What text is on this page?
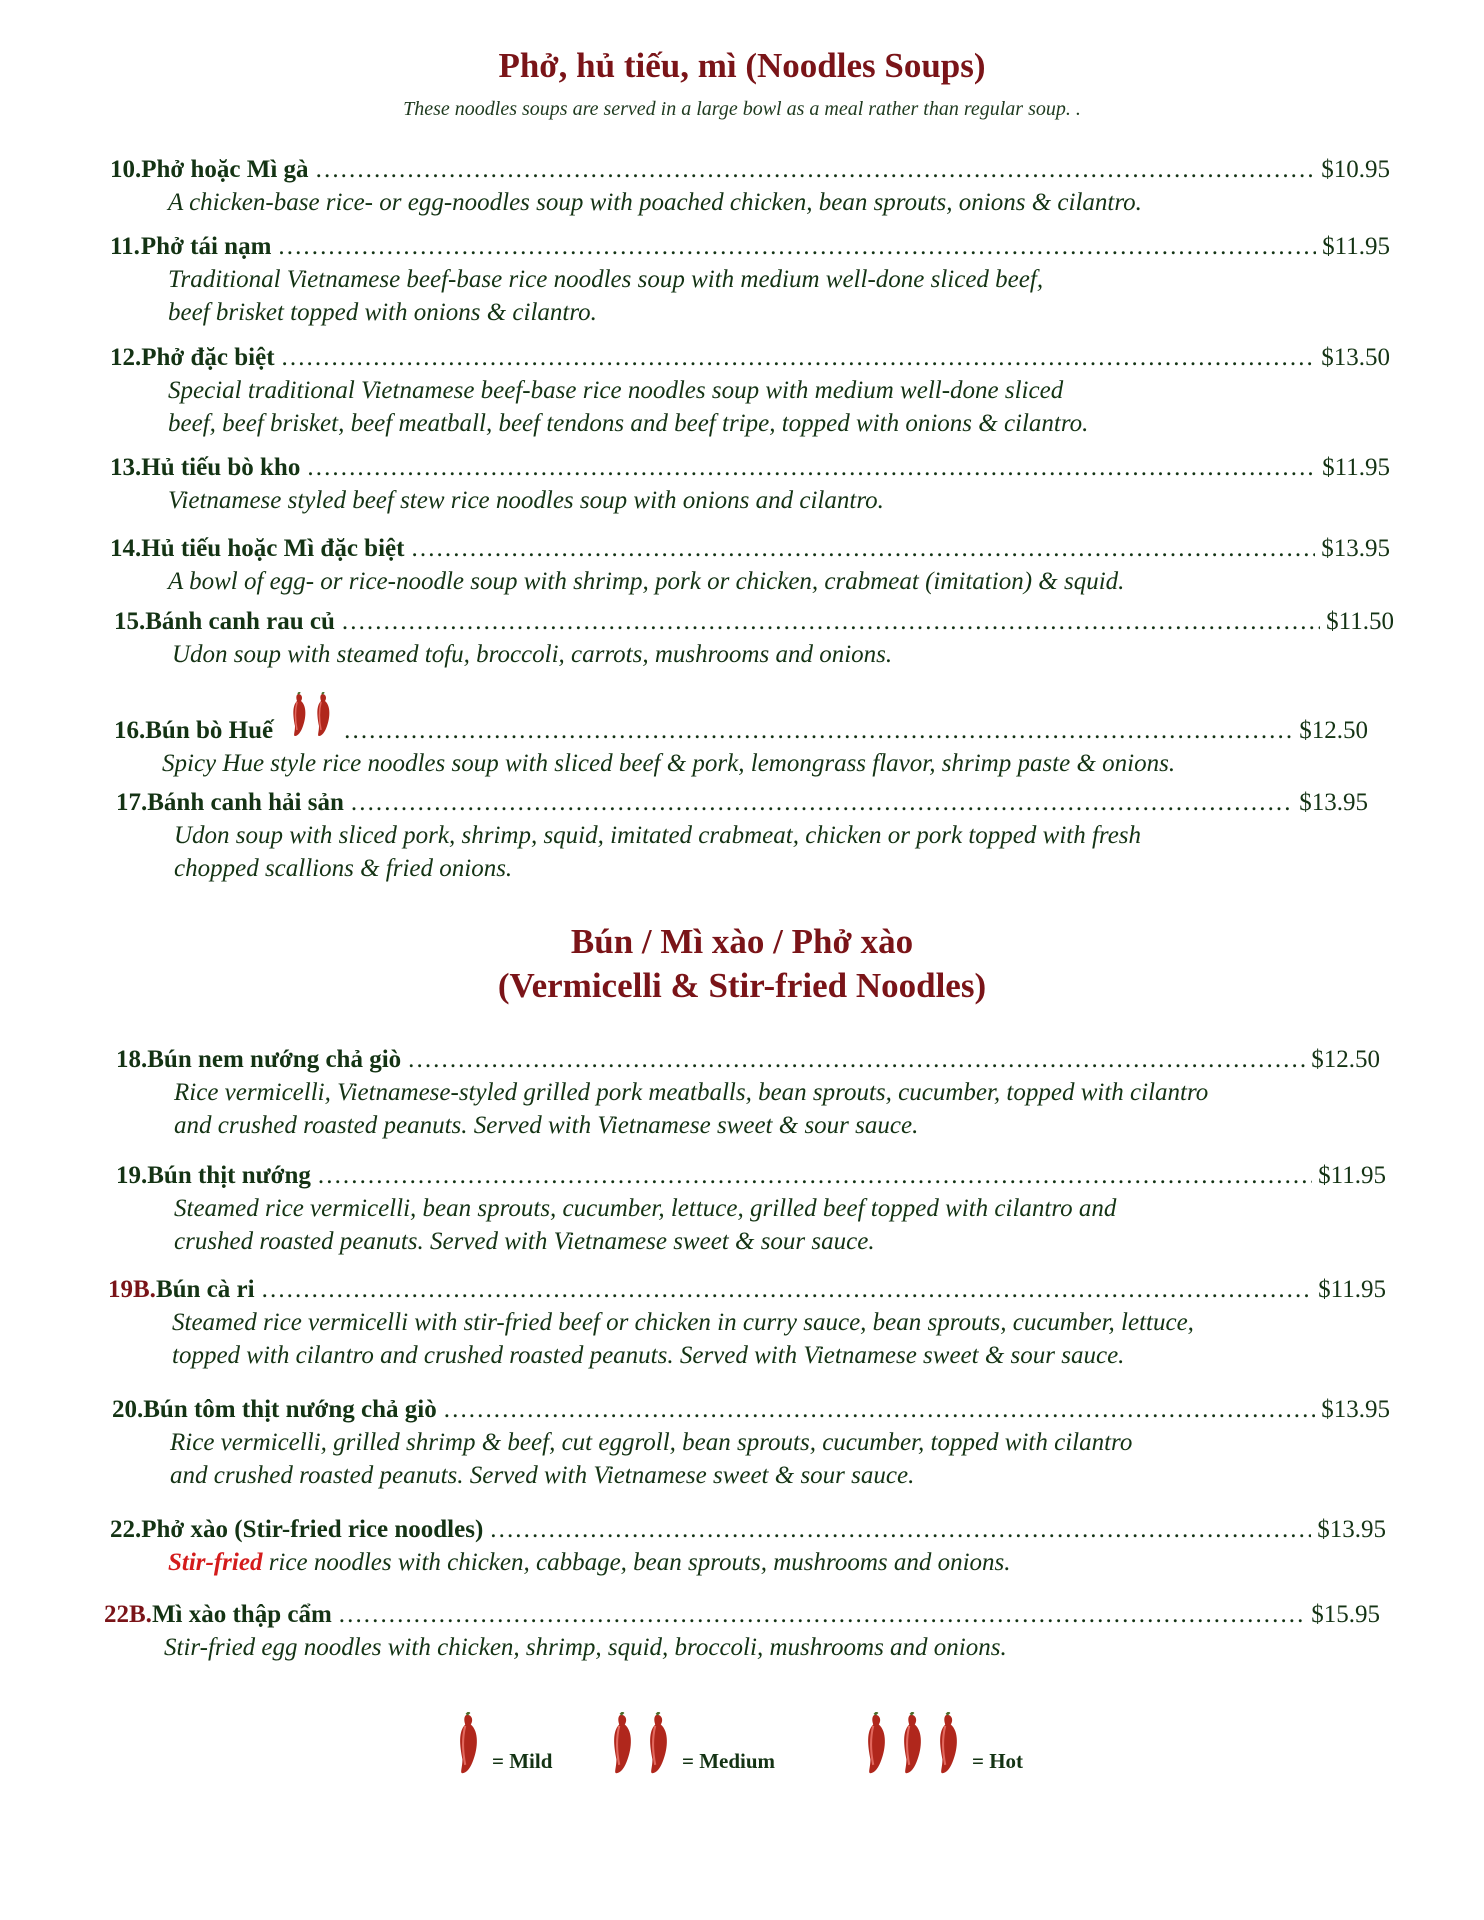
Phở, hủ tiếu, mì (Noodles Soups)

These noodles soups are served in a large bowl as a meal rather than regular soup. .

10. Phở hoặc Mì gà ………………………………………………………………………………………………………………………………………………………………………………………………………………	$10.95
A chicken-base rice- or egg-noodles soup with poached chicken, bean sprouts, onions & cilantro.
11. Phở tái nạm ………………………………………………………………………………………………………………………………………………………………………………………………………………	$11.95
Traditional Vietnamese beef-base rice noodles soup with medium well-done sliced beef,
beef brisket topped with onions & cilantro.
12. Phở đặc biệt ………………………………………………………………………………………………………………………………………………………………………………………………………………	$13.50
Special traditional Vietnamese beef-base rice noodles soup with medium well-done sliced
beef, beef brisket, beef meatball, beef tendons and beef tripe, topped with onions & cilantro.
13. Hủ tiếu bò kho ………………………………………………………………………………………………………………………………………………………………………………………………………………	$11.95
Vietnamese styled beef stew rice noodles soup with onions and cilantro.
14. Hủ tiếu hoặc Mì đặc biệt ………………………………………………………………………………………………………………………………………………………………………………………………………………	$13.95
A bowl of egg- or rice-noodle soup with shrimp, pork or chicken, crabmeat (imitation) & squid.
15. Bánh canh rau củ ………………………………………………………………………………………………………………………………………………………………………………………………………………	$11.50
Udon soup with steamed tofu, broccoli, carrots, mushrooms and onions.
16. Bún bò Huế ………………………………………………………………………………………………………………………………………………………………………………………………………………	$12.50
Spicy Hue style rice noodles soup with sliced beef & pork, lemongrass flavor, shrimp paste & onions.
17. Bánh canh hải sản ………………………………………………………………………………………………………………………………………………………………………………………………………………	$13.95
Udon soup with sliced pork, shrimp, squid, imitated crabmeat, chicken or pork topped with fresh
chopped scallions & fried onions.
Bún / Mì xào / Phở xào
(Vermicelli & Stir-fried Noodles)
18. Bún nem nướng chả giò ………………………………………………………………………………………………………………………………………………………………………………………………………………	$12.50
Rice vermicelli, Vietnamese-styled grilled pork meatballs, bean sprouts, cucumber, topped with cilantro
and crushed roasted peanuts. Served with Vietnamese sweet & sour sauce.
19. Bún thịt nướng ………………………………………………………………………………………………………………………………………………………………………………………………………………	$11.95
Steamed rice vermicelli, bean sprouts, cucumber, lettuce, grilled beef topped with cilantro and
crushed roasted peanuts. Served with Vietnamese sweet & sour sauce.
19B. Bún cà ri ………………………………………………………………………………………………………………………………………………………………………………………………………………	$11.95
Steamed rice vermicelli with stir-fried beef or chicken in curry sauce, bean sprouts, cucumber, lettuce,
topped with cilantro and crushed roasted peanuts. Served with Vietnamese sweet & sour sauce.
20. Bún tôm thịt nướng chả giò ………………………………………………………………………………………………………………………………………………………………………………………………………………	$13.95
Rice vermicelli, grilled shrimp & beef, cut eggroll, bean sprouts, cucumber, topped with cilantro
and crushed roasted peanuts. Served with Vietnamese sweet & sour sauce.
22. Phở xào (Stir-fried rice noodles) ………………………………………………………………………………………………………………………………………………………………………………………………………………	$13.95
Stir-fried rice noodles with chicken, cabbage, bean sprouts, mushrooms and onions.
22B. Mì xào thập cẩm ………………………………………………………………………………………………………………………………………………………………………………………………………………	$15.95
Stir-fried egg noodles with chicken, shrimp, squid, broccoli, mushrooms and onions.
= Mild	= Medium	= Hot
